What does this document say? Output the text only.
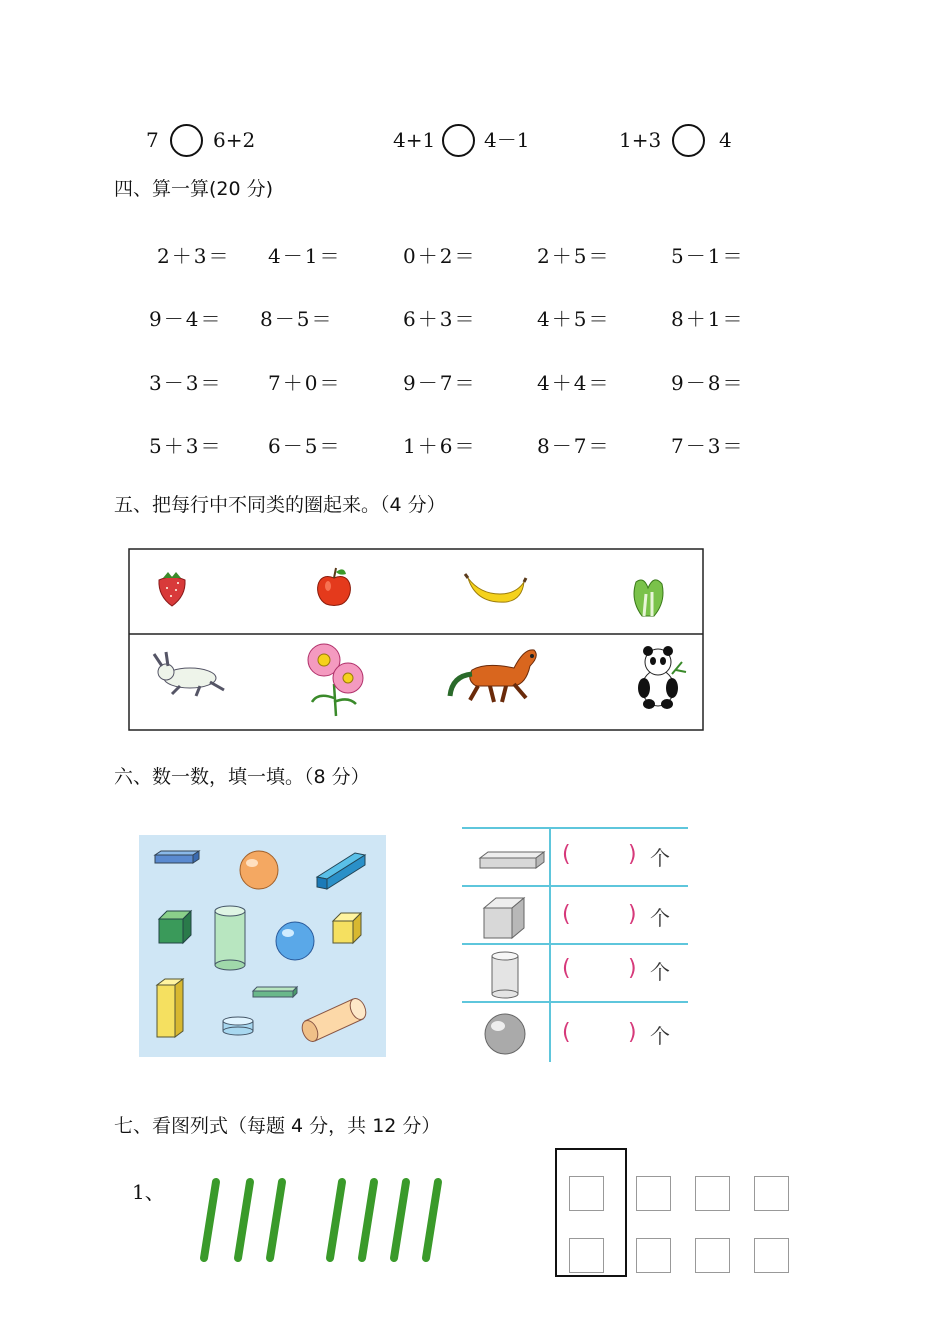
7	6+2	4+1 4－1	1+3	4
四、算一算(20 分)
2＋3＝ 4－1＝	0＋2＝	2＋5＝	5－1＝
9－4＝ 8－5＝	6＋3＝	4＋5＝	8＋1＝
3－3＝ 7＋0＝	9－7＝	4＋4＝	9－8＝
5＋3＝ 6－5＝	1＋6＝	8－7＝	7－3＝
五、把每行中不同类的圈起来。（4 分）
六、数一数，填一填。（8 分）
(	) 个
(	) 个
(	) 个
(	) 个
七、看图列式（每题 4 分，共 12 分）
1、
